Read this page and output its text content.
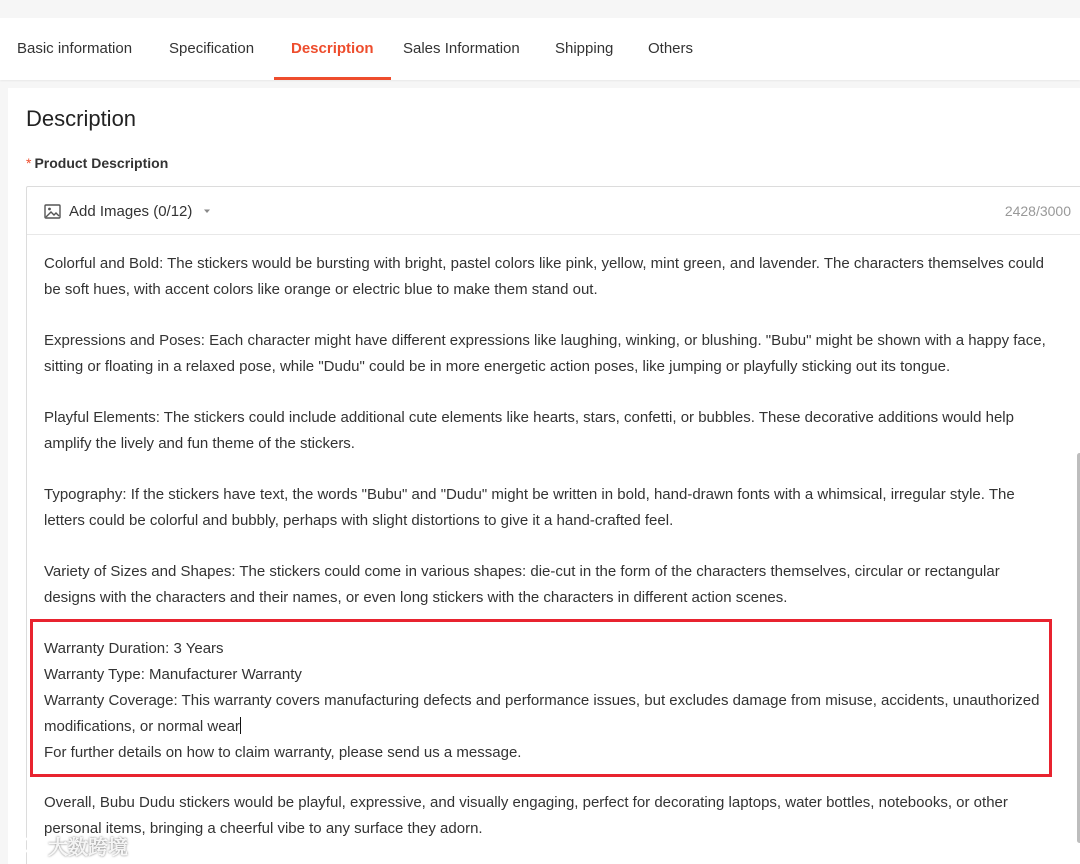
Basic information Specification Description Sales Information Shipping Others
Description
* Product Description
Add Images (0/12)	2428/3000
Colorful and Bold: The stickers would be bursting with bright, pastel colors like pink, yellow, mint green, and lavender. The characters themselves could
be soft hues, with accent colors like orange or electric blue to make them stand out.
Expressions and Poses: Each character might have different expressions like laughing, winking, or blushing. "Bubu" might be shown with a happy face,
sitting or floating in a relaxed pose, while "Dudu" could be in more energetic action poses, like jumping or playfully sticking out its tongue.
Playful Elements: The stickers could include additional cute elements like hearts, stars, confetti, or bubbles. These decorative additions would help
amplify the lively and fun theme of the stickers.
Typography: If the stickers have text, the words "Bubu" and "Dudu" might be written in bold, hand-drawn fonts with a whimsical, irregular style. The
letters could be colorful and bubbly, perhaps with slight distortions to give it a hand-crafted feel.
Variety of Sizes and Shapes: The stickers could come in various shapes: die-cut in the form of the characters themselves, circular or rectangular
designs with the characters and their names, or even long stickers with the characters in different action scenes.
Warranty Duration: 3 Years
Warranty Type: Manufacturer Warranty
Warranty Coverage: This warranty covers manufacturing defects and performance issues, but excludes damage from misuse, accidents, unauthorized
modifications, or normal wear
For further details on how to claim warranty, please send us a message.
Overall, Bubu Dudu stickers would be playful, expressive, and visually engaging, perfect for decorating laptops, water bottles, notebooks, or other
personal items, bringing a cheerful vibe to any surface they adorn.
大数跨境
